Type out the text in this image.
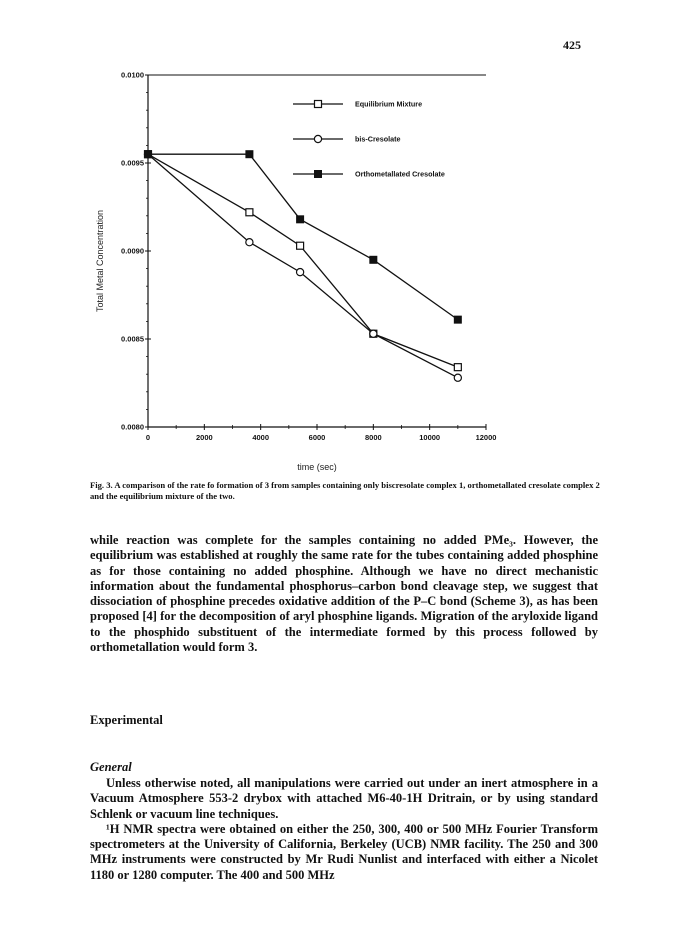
425
0.0080
0.0085
0.0090
0.0095
0.0100
0	2000	4000	6000	8000	10000	12000
time (sec)
Total Metal Concentration
Equilibrium Mixture
bis-Cresolate
Orthometallated Cresolate
Fig. 3. A comparison of the rate fo formation of 3 from samples containing only biscresolate complex 1, orthometallated cresolate complex 2 and the equilibrium mixture of the two.

while reaction was complete for the samples containing no added PMe₃. However, the equilibrium was established at roughly the same rate for the tubes containing added phosphine as for those containing no added phosphine. Although we have no direct mechanistic information about the fundamental phosphorus–carbon bond cleavage step, we suggest that dissociation of phosphine precedes oxidative addition of the P–C bond (Scheme 3), as has been proposed [4] for the decomposition of aryl phosphine ligands. Migration of the aryloxide ligand to the phosphido substituent of the intermediate formed by this process followed by orthometallation would form 3.

Experimental
General

Unless otherwise noted, all manipulations were carried out under an inert atmosphere in a Vacuum Atmosphere 553-2 drybox with attached M6-40-1H Dritrain, or by using standard Schlenk or vacuum line techniques.

¹H NMR spectra were obtained on either the 250, 300, 400 or 500 MHz Fourier Transform spectrometers at the University of California, Berkeley (UCB) NMR facility. The 250 and 300 MHz instruments were constructed by Mr Rudi Nunlist and interfaced with either a Nicolet 1180 or 1280 computer. The 400 and 500 MHz
